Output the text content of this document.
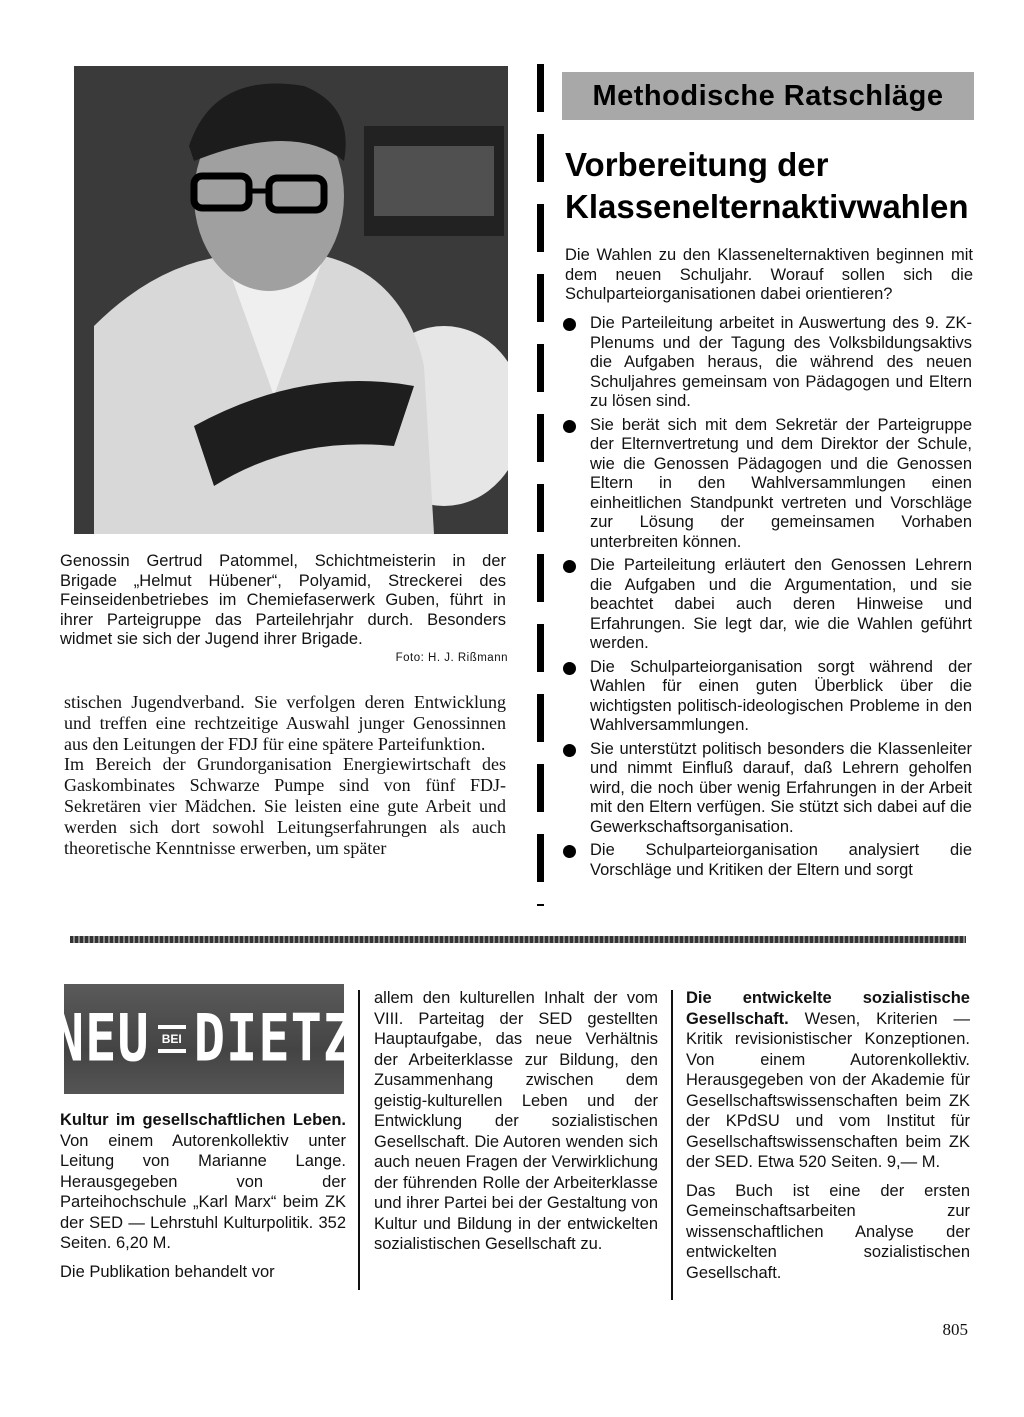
Genossin Gertrud Patommel, Schichtmeisterin in der Brigade „Helmut Hübener“, Polyamid, Streckerei des Feinseidenbetriebes im Chemiefaserwerk Guben, führt in ihrer Parteigruppe das Parteilehrjahr durch. Besonders widmet sie sich der Jugend ihrer Brigade.
Foto: H. J. Rißmann

stischen Jugendverband. Sie verfolgen deren Entwicklung und treffen eine rechtzeitige Auswahl junger Genossinnen aus den Leitungen der FDJ für eine spätere Parteifunktion.

Im Bereich der Grundorganisation Energiewirtschaft des Gaskombinates Schwarze Pumpe sind von fünf FDJ-Sekretären vier Mädchen. Sie leisten eine gute Arbeit und werden sich dort sowohl Leitungserfahrungen als auch theoretische Kenntnisse erwerben, um später

Methodische Ratschläge
Vorbereitung der
Klassenelternaktivwahlen
Die Wahlen zu den Klassenelternaktiven beginnen mit dem neuen Schuljahr. Worauf sollen sich die Schulparteiorganisationen dabei orientieren?
Die Parteileitung arbeitet in Auswertung des 9. ZK-Plenums und der Tagung des Volksbildungsaktivs die Aufgaben heraus, die während des neuen Schuljahres gemeinsam von Pädagogen und Eltern zu lösen sind.
Sie berät sich mit dem Sekretär der Parteigruppe der Elternvertretung und dem Direktor der Schule, wie die Genossen Pädagogen und die Genossen Eltern in den Wahlversammlungen einen einheitlichen Standpunkt vertreten und Vorschläge zur Lösung der gemeinsamen Vorhaben unterbreiten können.
Die Parteileitung erläutert den Genossen Lehrern die Aufgaben und die Argumentation, und sie beachtet dabei auch deren Hinweise und Erfahrungen. Sie legt dar, wie die Wahlen geführt werden.
Die Schulparteiorganisation sorgt während der Wahlen für einen guten Überblick über die wichtigsten politisch-ideologischen Probleme in den Wahlversammlungen.
Sie unterstützt politisch besonders die Klassenleiter und nimmt Einfluß darauf, daß Lehrern geholfen wird, die noch über wenig Erfahrungen in der Arbeit mit den Eltern verfügen. Sie stützt sich dabei auf die Gewerkschaftsorganisation.
Die Schulparteiorganisation analysiert die Vorschläge und Kritiken der Eltern und sorgt
NEU	BEI DIETZ

Kultur im gesellschaftlichen Leben. Von einem Autorenkollektiv unter Leitung von Marianne Lange. Herausgegeben von der Parteihochschule „Karl Marx“ beim ZK der SED — Lehrstuhl Kulturpolitik. 352 Seiten. 6,20 M.

Die Publikation behandelt vor

allem den kulturellen Inhalt der vom VIII. Parteitag der SED gestellten Hauptaufgabe, das neue Verhältnis der Arbeiterklasse zur Bildung, den Zusammenhang zwischen dem geistig-kulturellen Leben und der Entwicklung der sozialistischen Gesellschaft. Die Autoren wenden sich auch neuen Fragen der Verwirklichung der führenden Rolle der Arbeiterklasse und ihrer Partei bei der Gestaltung von Kultur und Bildung in der entwickelten sozialistischen Gesellschaft zu.

Die entwickelte sozialistische Gesellschaft. Wesen, Kriterien — Kritik revisionistischer Konzeptionen. Von einem Autorenkollektiv. Herausgegeben von der Akademie für Gesellschaftswissenschaften beim ZK der KPdSU und vom Institut für Gesellschaftswissenschaften beim ZK der SED. Etwa 520 Seiten. 9,— M.

Das Buch ist eine der ersten Gemeinschaftsarbeiten zur wissenschaftlichen Analyse der entwickelten sozialistischen Gesellschaft.

805
